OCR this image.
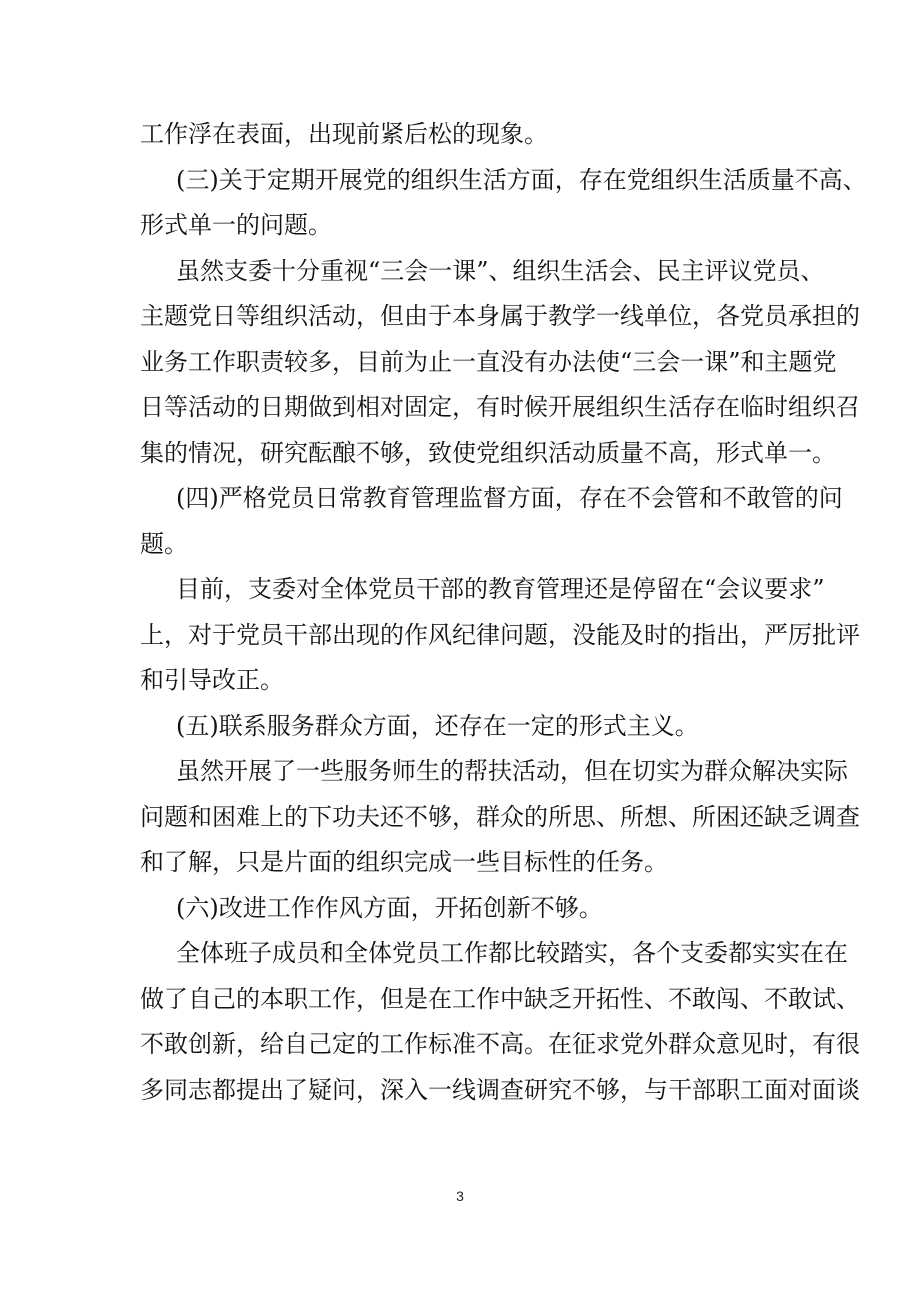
工作浮在表面，出现前紧后松的现象。
(三)关于定期开展党的组织生活方面，存在党组织生活质量不高、
形式单一的问题。
虽然支委十分重视“三会一课”、组织生活会、民主评议党员、
主题党日等组织活动，但由于本身属于教学一线单位，各党员承担的
业务工作职责较多，目前为止一直没有办法使“三会一课”和主题党
日等活动的日期做到相对固定，有时候开展组织生活存在临时组织召
集的情况，研究酝酿不够，致使党组织活动质量不高，形式单一。
(四)严格党员日常教育管理监督方面，存在不会管和不敢管的问
题。
目前，支委对全体党员干部的教育管理还是停留在“会议要求”
上，对于党员干部出现的作风纪律问题，没能及时的指出，严厉批评
和引导改正。
(五)联系服务群众方面，还存在一定的形式主义。
虽然开展了一些服务师生的帮扶活动，但在切实为群众解决实际
问题和困难上的下功夫还不够，群众的所思、所想、所困还缺乏调查
和了解，只是片面的组织完成一些目标性的任务。
(六)改进工作作风方面，开拓创新不够。
全体班子成员和全体党员工作都比较踏实，各个支委都实实在在
做了自己的本职工作，但是在工作中缺乏开拓性、不敢闯、不敢试、
不敢创新，给自己定的工作标准不高。在征求党外群众意见时，有很
多同志都提出了疑问，深入一线调查研究不够，与干部职工面对面谈
3
